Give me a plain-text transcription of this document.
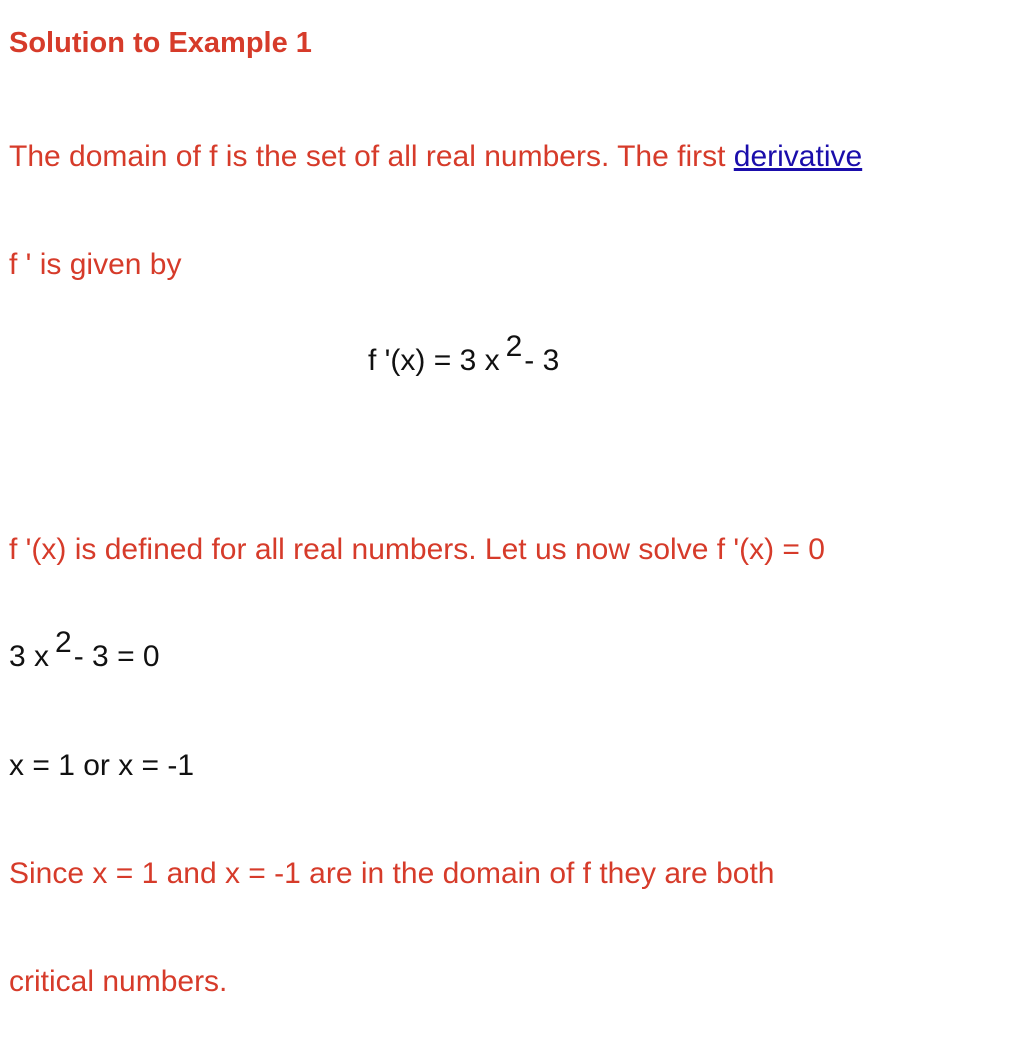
Solution to Example 1

The domain of f is the set of all real numbers. The first derivative

f ' is given by

f '(x) = 3 x 2- 3

f '(x) is defined for all real numbers. Let us now solve f '(x) = 0

3 x 2- 3 = 0

x = 1 or x = -1

Since x = 1 and x = -1 are in the domain of f they are both

critical numbers.
